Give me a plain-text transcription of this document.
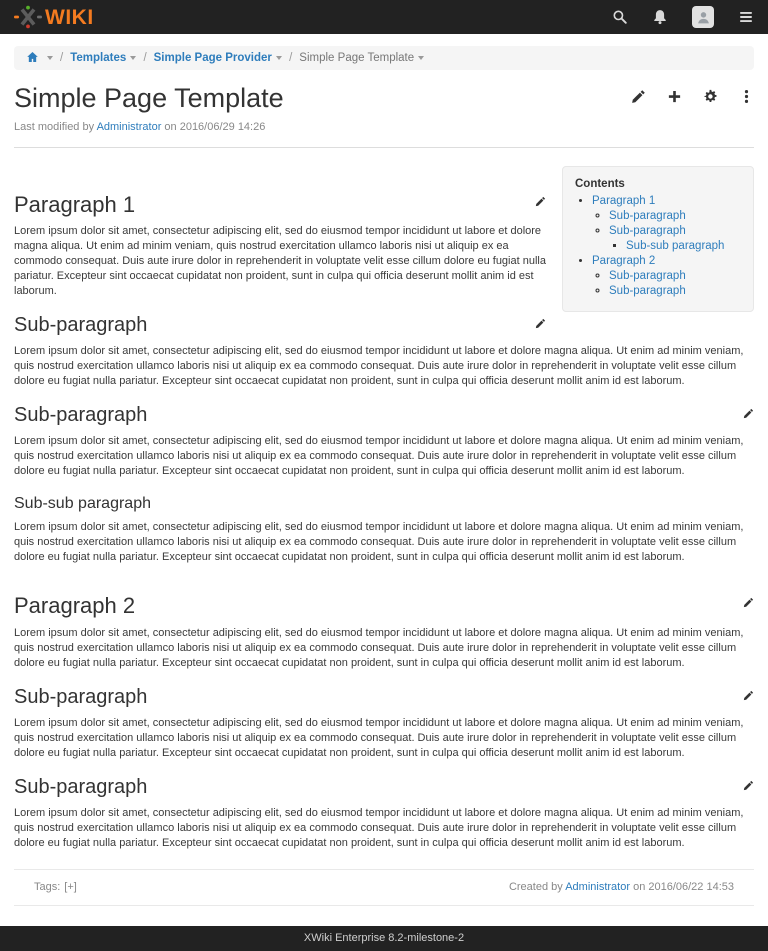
WIKI
/ Templates	/ Simple Page Provider	/ Simple Page Template
Simple Page Template
Last modified by Administrator on 2016/06/29 14:26
Contents
• Paragraph 1
◦ Sub-paragraph
◦ Sub-paragraph
▪ Sub-sub paragraph
• Paragraph 2
◦ Sub-paragraph
◦ Sub-paragraph
Paragraph 1

Lorem ipsum dolor sit amet, consectetur adipiscing elit, sed do eiusmod tempor incididunt ut labore et dolore magna aliqua. Ut enim ad minim veniam, quis nostrud exercitation ullamco laboris nisi ut aliquip ex ea commodo consequat. Duis aute irure dolor in reprehenderit in voluptate velit esse cillum dolore eu fugiat nulla pariatur. Excepteur sint occaecat cupidatat non proident, sunt in culpa qui officia deserunt mollit anim id est laborum.

Sub-paragraph

Lorem ipsum dolor sit amet, consectetur adipiscing elit, sed do eiusmod tempor incididunt ut labore et dolore magna aliqua. Ut enim ad minim veniam, quis nostrud exercitation ullamco laboris nisi ut aliquip ex ea commodo consequat. Duis aute irure dolor in reprehenderit in voluptate velit esse cillum dolore eu fugiat nulla pariatur. Excepteur sint occaecat cupidatat non proident, sunt in culpa qui officia deserunt mollit anim id est laborum.

Sub-paragraph

Lorem ipsum dolor sit amet, consectetur adipiscing elit, sed do eiusmod tempor incididunt ut labore et dolore magna aliqua. Ut enim ad minim veniam, quis nostrud exercitation ullamco laboris nisi ut aliquip ex ea commodo consequat. Duis aute irure dolor in reprehenderit in voluptate velit esse cillum dolore eu fugiat nulla pariatur. Excepteur sint occaecat cupidatat non proident, sunt in culpa qui officia deserunt mollit anim id est laborum.

Sub-sub paragraph

Lorem ipsum dolor sit amet, consectetur adipiscing elit, sed do eiusmod tempor incididunt ut labore et dolore magna aliqua. Ut enim ad minim veniam, quis nostrud exercitation ullamco laboris nisi ut aliquip ex ea commodo consequat. Duis aute irure dolor in reprehenderit in voluptate velit esse cillum dolore eu fugiat nulla pariatur. Excepteur sint occaecat cupidatat non proident, sunt in culpa qui officia deserunt mollit anim id est laborum.

Paragraph 2

Lorem ipsum dolor sit amet, consectetur adipiscing elit, sed do eiusmod tempor incididunt ut labore et dolore magna aliqua. Ut enim ad minim veniam, quis nostrud exercitation ullamco laboris nisi ut aliquip ex ea commodo consequat. Duis aute irure dolor in reprehenderit in voluptate velit esse cillum dolore eu fugiat nulla pariatur. Excepteur sint occaecat cupidatat non proident, sunt in culpa qui officia deserunt mollit anim id est laborum.

Sub-paragraph

Lorem ipsum dolor sit amet, consectetur adipiscing elit, sed do eiusmod tempor incididunt ut labore et dolore magna aliqua. Ut enim ad minim veniam, quis nostrud exercitation ullamco laboris nisi ut aliquip ex ea commodo consequat. Duis aute irure dolor in reprehenderit in voluptate velit esse cillum dolore eu fugiat nulla pariatur. Excepteur sint occaecat cupidatat non proident, sunt in culpa qui officia deserunt mollit anim id est laborum.

Sub-paragraph

Lorem ipsum dolor sit amet, consectetur adipiscing elit, sed do eiusmod tempor incididunt ut labore et dolore magna aliqua. Ut enim ad minim veniam, quis nostrud exercitation ullamco laboris nisi ut aliquip ex ea commodo consequat. Duis aute irure dolor in reprehenderit in voluptate velit esse cillum dolore eu fugiat nulla pariatur. Excepteur sint occaecat cupidatat non proident, sunt in culpa qui officia deserunt mollit anim id est laborum.

Tags: [+]	Created by Administrator on 2016/06/22 14:53
XWiki Enterprise 8.2-milestone-2
